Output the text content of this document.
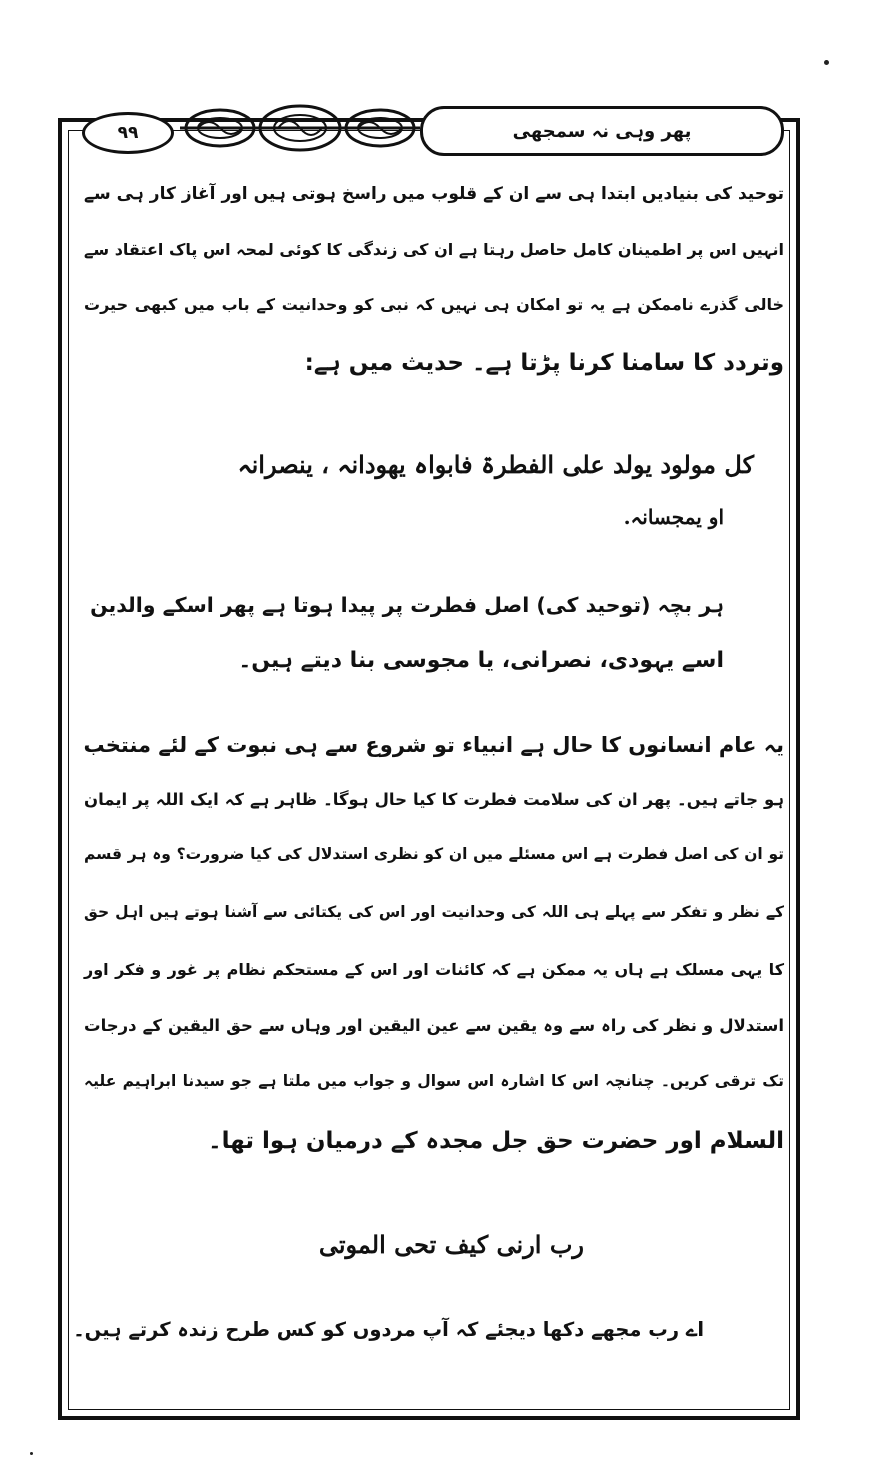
۹۹	پھر وہی نہ سمجھی
توحید کی بنیادیں ابتدا ہی سے ان کے قلوب میں راسخ ہوتی ہیں اور آغاز کار ہی سے
انہیں اس پر اطمینان کامل حاصل رہتا ہے ان کی زندگی کا کوئی لمحہ اس پاک اعتقاد سے
خالی گذرے ناممکن ہے یہ تو امکان ہی نہیں کہ نبی کو وحدانیت کے باب میں کبھی حیرت
وتردد کا سامنا کرنا پڑتا ہے۔ حدیث میں ہے:
کل مولود یولد علی الفطرۃ فابواہ یھودانہ ، ینصرانہ
او یمجسانہ.
ہر بچہ (توحید کی) اصل فطرت پر پیدا ہوتا ہے پھر اسکے والدین
اسے یہودی، نصرانی، یا مجوسی بنا دیتے ہیں۔
یہ عام انسانوں کا حال ہے انبیاء تو شروع سے ہی نبوت کے لئے منتخب
ہو جاتے ہیں۔ پھر ان کی سلامت فطرت کا کیا حال ہوگا۔ ظاہر ہے کہ ایک اللہ پر ایمان
تو ان کی اصل فطرت ہے اس مسئلے میں ان کو نظری استدلال کی کیا ضرورت؟ وہ ہر قسم
کے نظر و تفکر سے پہلے ہی اللہ کی وحدانیت اور اس کی یکتائی سے آشنا ہوتے ہیں اہل حق
کا یہی مسلک ہے ہاں یہ ممکن ہے کہ کائنات اور اس کے مستحکم نظام پر غور و فکر اور
استدلال و نظر کی راہ سے وہ یقین سے عین الیقین اور وہاں سے حق الیقین کے درجات
تک ترقی کریں۔ چنانچہ اس کا اشارہ اس سوال و جواب میں ملتا ہے جو سیدنا ابراہیم علیہ
السلام اور حضرت حق جل مجدہ کے درمیان ہوا تھا۔
رب ارنی کیف تحی الموتی
اے رب مجھے دکھا دیجئے کہ آپ مردوں کو کس طرح زندہ کرتے ہیں۔
